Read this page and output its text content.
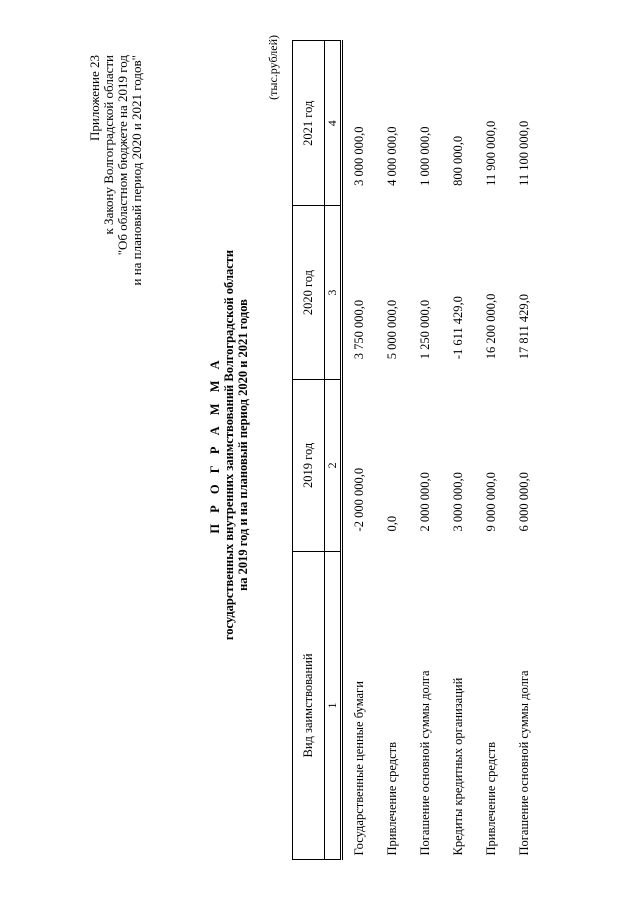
Приложение 23 к Закону Волгоградской области "Об областном бюджете на 2019 год и на плановый период 2020 и 2021 годов"
П Р О Г Р А М М А государственных внутренних заимствований Волгоградской области на 2019 год и на плановый период 2020 и 2021 годов
(тыс.рублей)
Вид заимствований	2019 год	2020 год	2021 год
1	2	3	4
Государственные ценные бумаги	-2 000 000,0	3 750 000,0	3 000 000,0
Привлечение средств	0,0	5 000 000,0	4 000 000,0
Погашение основной суммы долга	2 000 000,0	1 250 000,0	1 000 000,0
Кредиты кредитных организаций	3 000 000,0	-1 611 429,0	800 000,0
Привлечение средств	9 000 000,0	16 200 000,0	11 900 000,0
Погашение основной суммы долга	6 000 000,0	17 811 429,0	11 100 000,0
